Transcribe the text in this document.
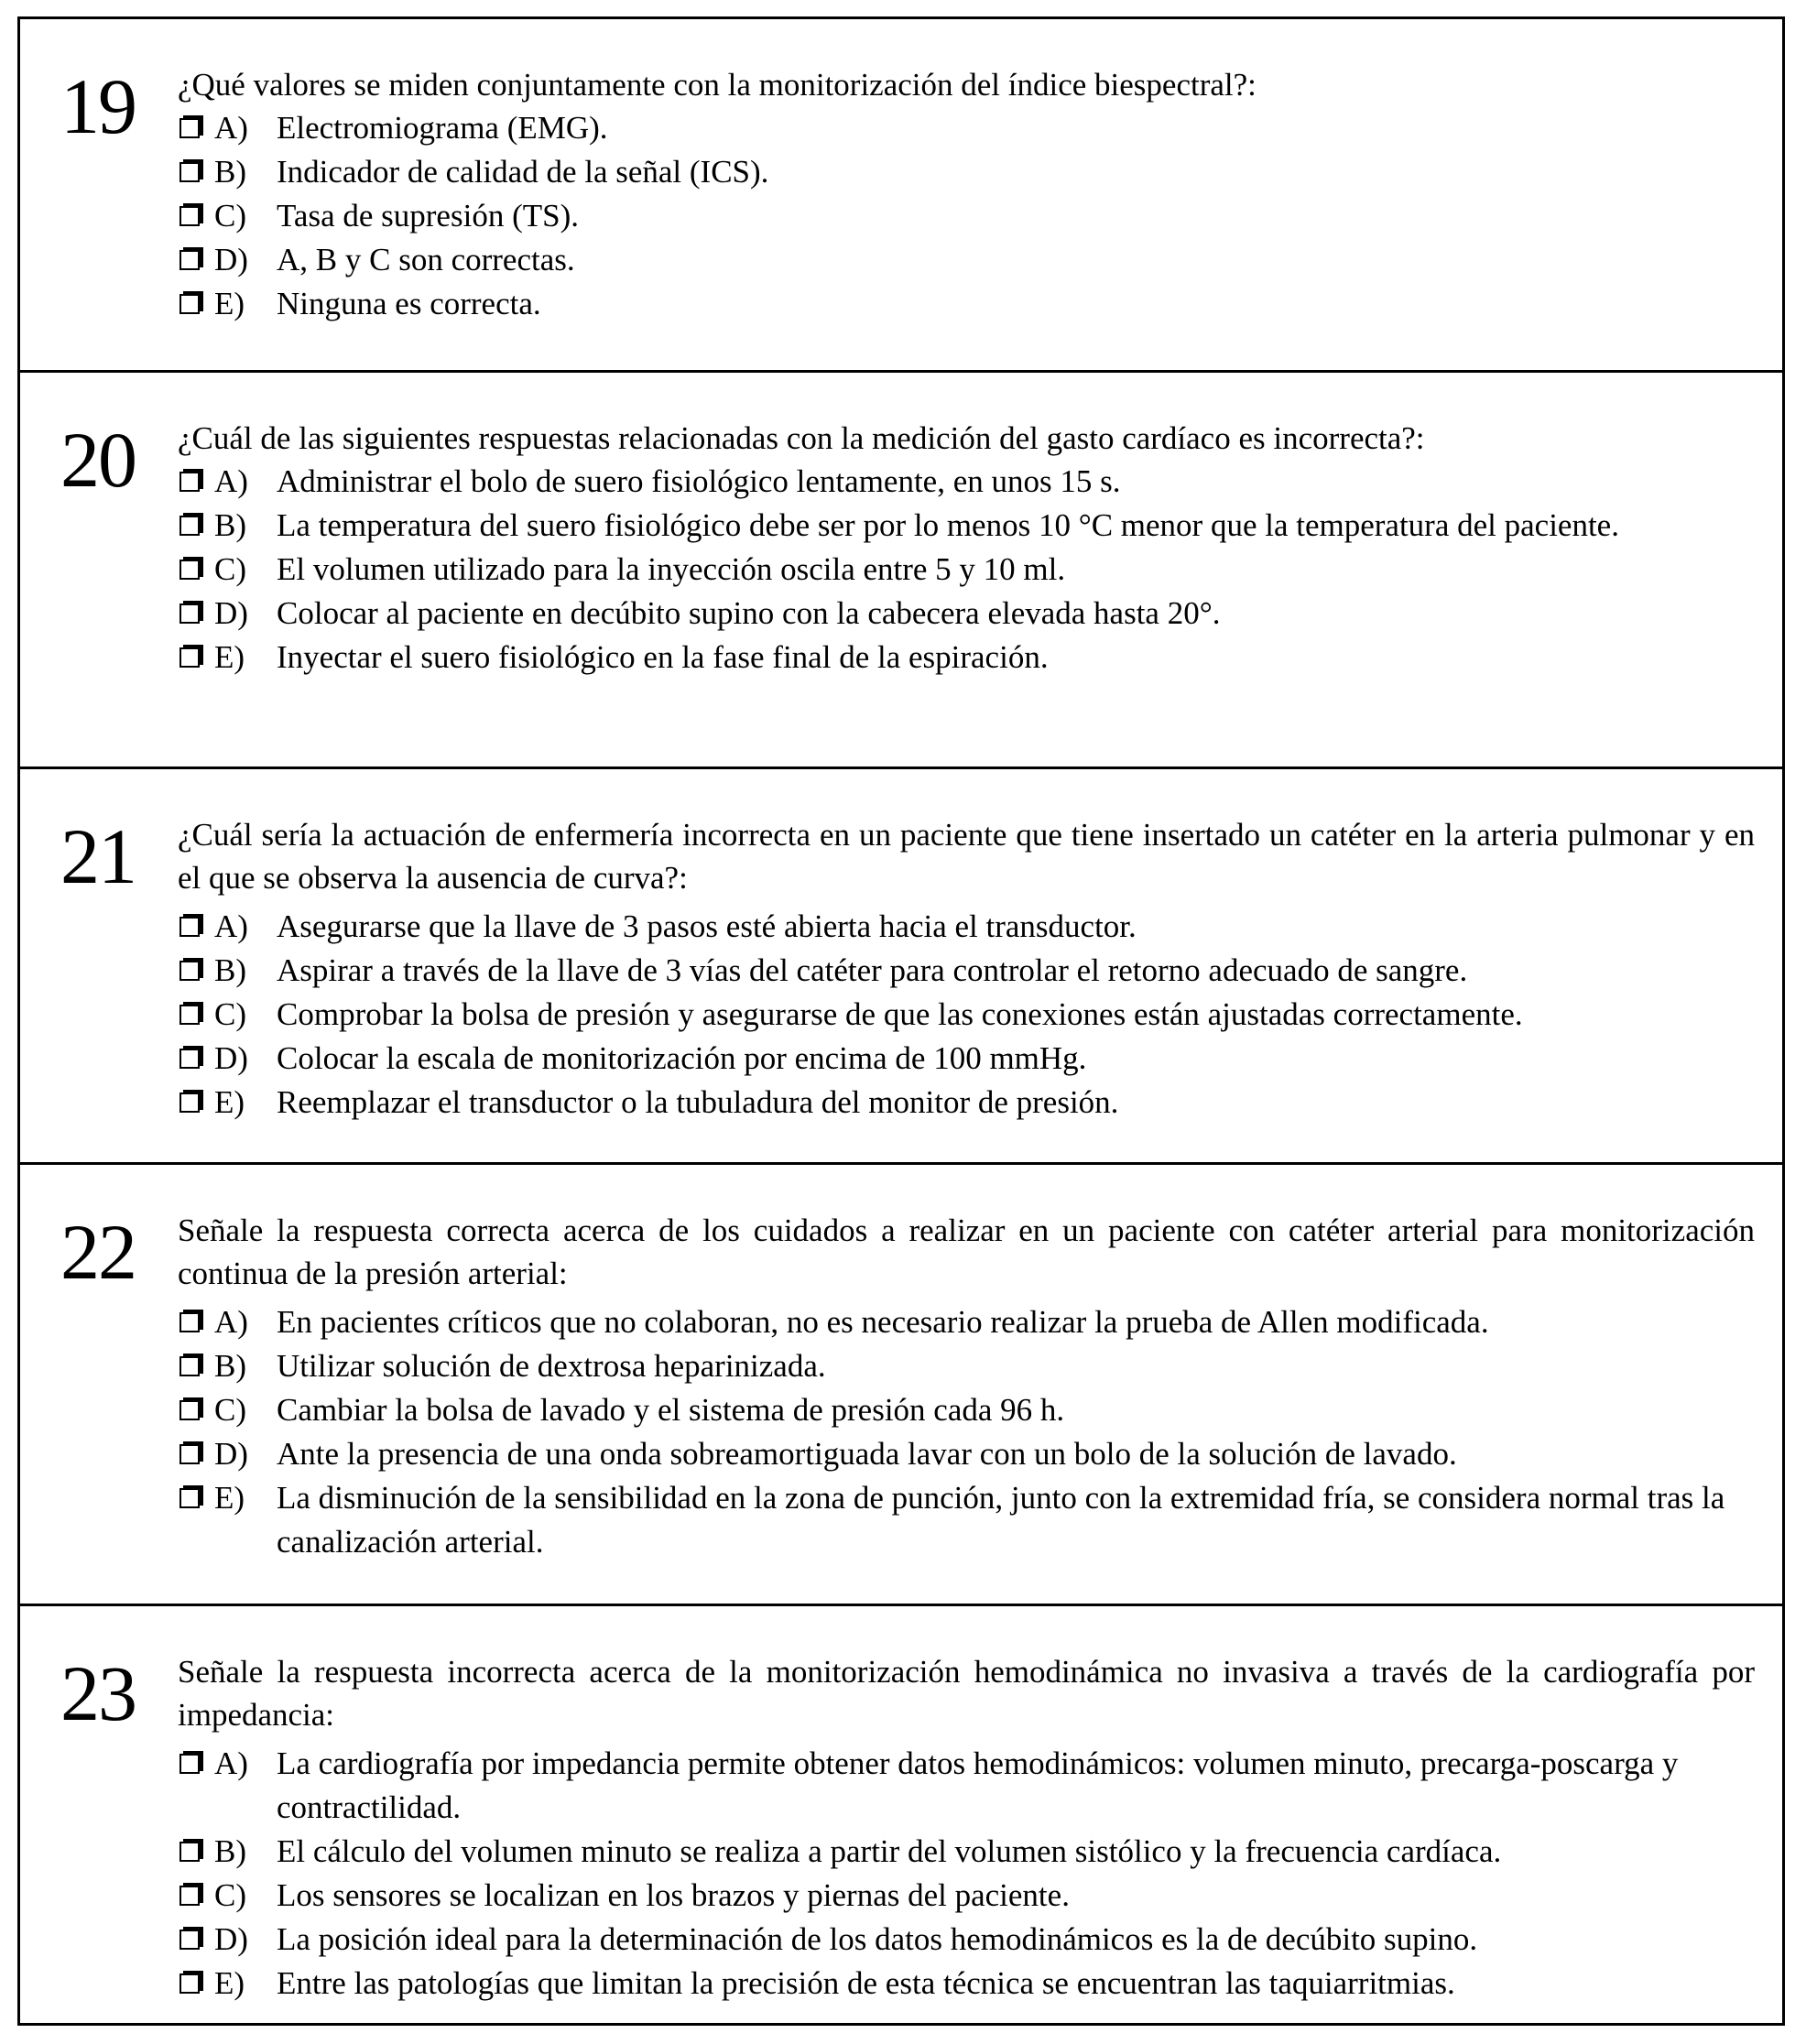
19 ¿Qué valores se miden conjuntamente con la monitorización del índice biespectral?:

A) Electromiograma (EMG).
B) Indicador de calidad de la señal (ICS).
C) Tasa de supresión (TS).
D) A, B y C son correctas.
E) Ninguna es correcta.
20 ¿Cuál de las siguientes respuestas relacionadas con la medición del gasto cardíaco es incorrecta?:

A) Administrar el bolo de suero fisiológico lentamente, en unos 15 s.
B) La temperatura del suero fisiológico debe ser por lo menos 10 °C menor que la temperatura del paciente.
C) El volumen utilizado para la inyección oscila entre 5 y 10 ml.
D) Colocar al paciente en decúbito supino con la cabecera elevada hasta 20°.
E) Inyectar el suero fisiológico en la fase final de la espiración.
21 ¿Cuál sería la actuación de enfermería incorrecta en un paciente que tiene insertado un catéter en la arteria pulmonar y en el que se observa la ausencia de curva?:

A) Asegurarse que la llave de 3 pasos esté abierta hacia el transductor.
B) Aspirar a través de la llave de 3 vías del catéter para controlar el retorno adecuado de sangre.
C) Comprobar la bolsa de presión y asegurarse de que las conexiones están ajustadas correctamente.
D) Colocar la escala de monitorización por encima de 100 mmHg.
E) Reemplazar el transductor o la tubuladura del monitor de presión.
22 Señale la respuesta correcta acerca de los cuidados a realizar en un paciente con catéter arterial para monitorización continua de la presión arterial:

A) En pacientes críticos que no colaboran, no es necesario realizar la prueba de Allen modificada.
B) Utilizar solución de dextrosa heparinizada.
C) Cambiar la bolsa de lavado y el sistema de presión cada 96 h.
D) Ante la presencia de una onda sobreamortiguada lavar con un bolo de la solución de lavado.
E) La disminución de la sensibilidad en la zona de punción, junto con la extremidad fría, se considera normal tras la canalización arterial.
23 Señale la respuesta incorrecta acerca de la monitorización hemodinámica no invasiva a través de la cardiografía por impedancia:

A) La cardiografía por impedancia permite obtener datos hemodinámicos: volumen minuto, precarga-poscarga y contractilidad.
B) El cálculo del volumen minuto se realiza a partir del volumen sistólico y la frecuencia cardíaca.
C) Los sensores se localizan en los brazos y piernas del paciente.
D) La posición ideal para la determinación de los datos hemodinámicos es la de decúbito supino.
E) Entre las patologías que limitan la precisión de esta técnica se encuentran las taquiarritmias.
